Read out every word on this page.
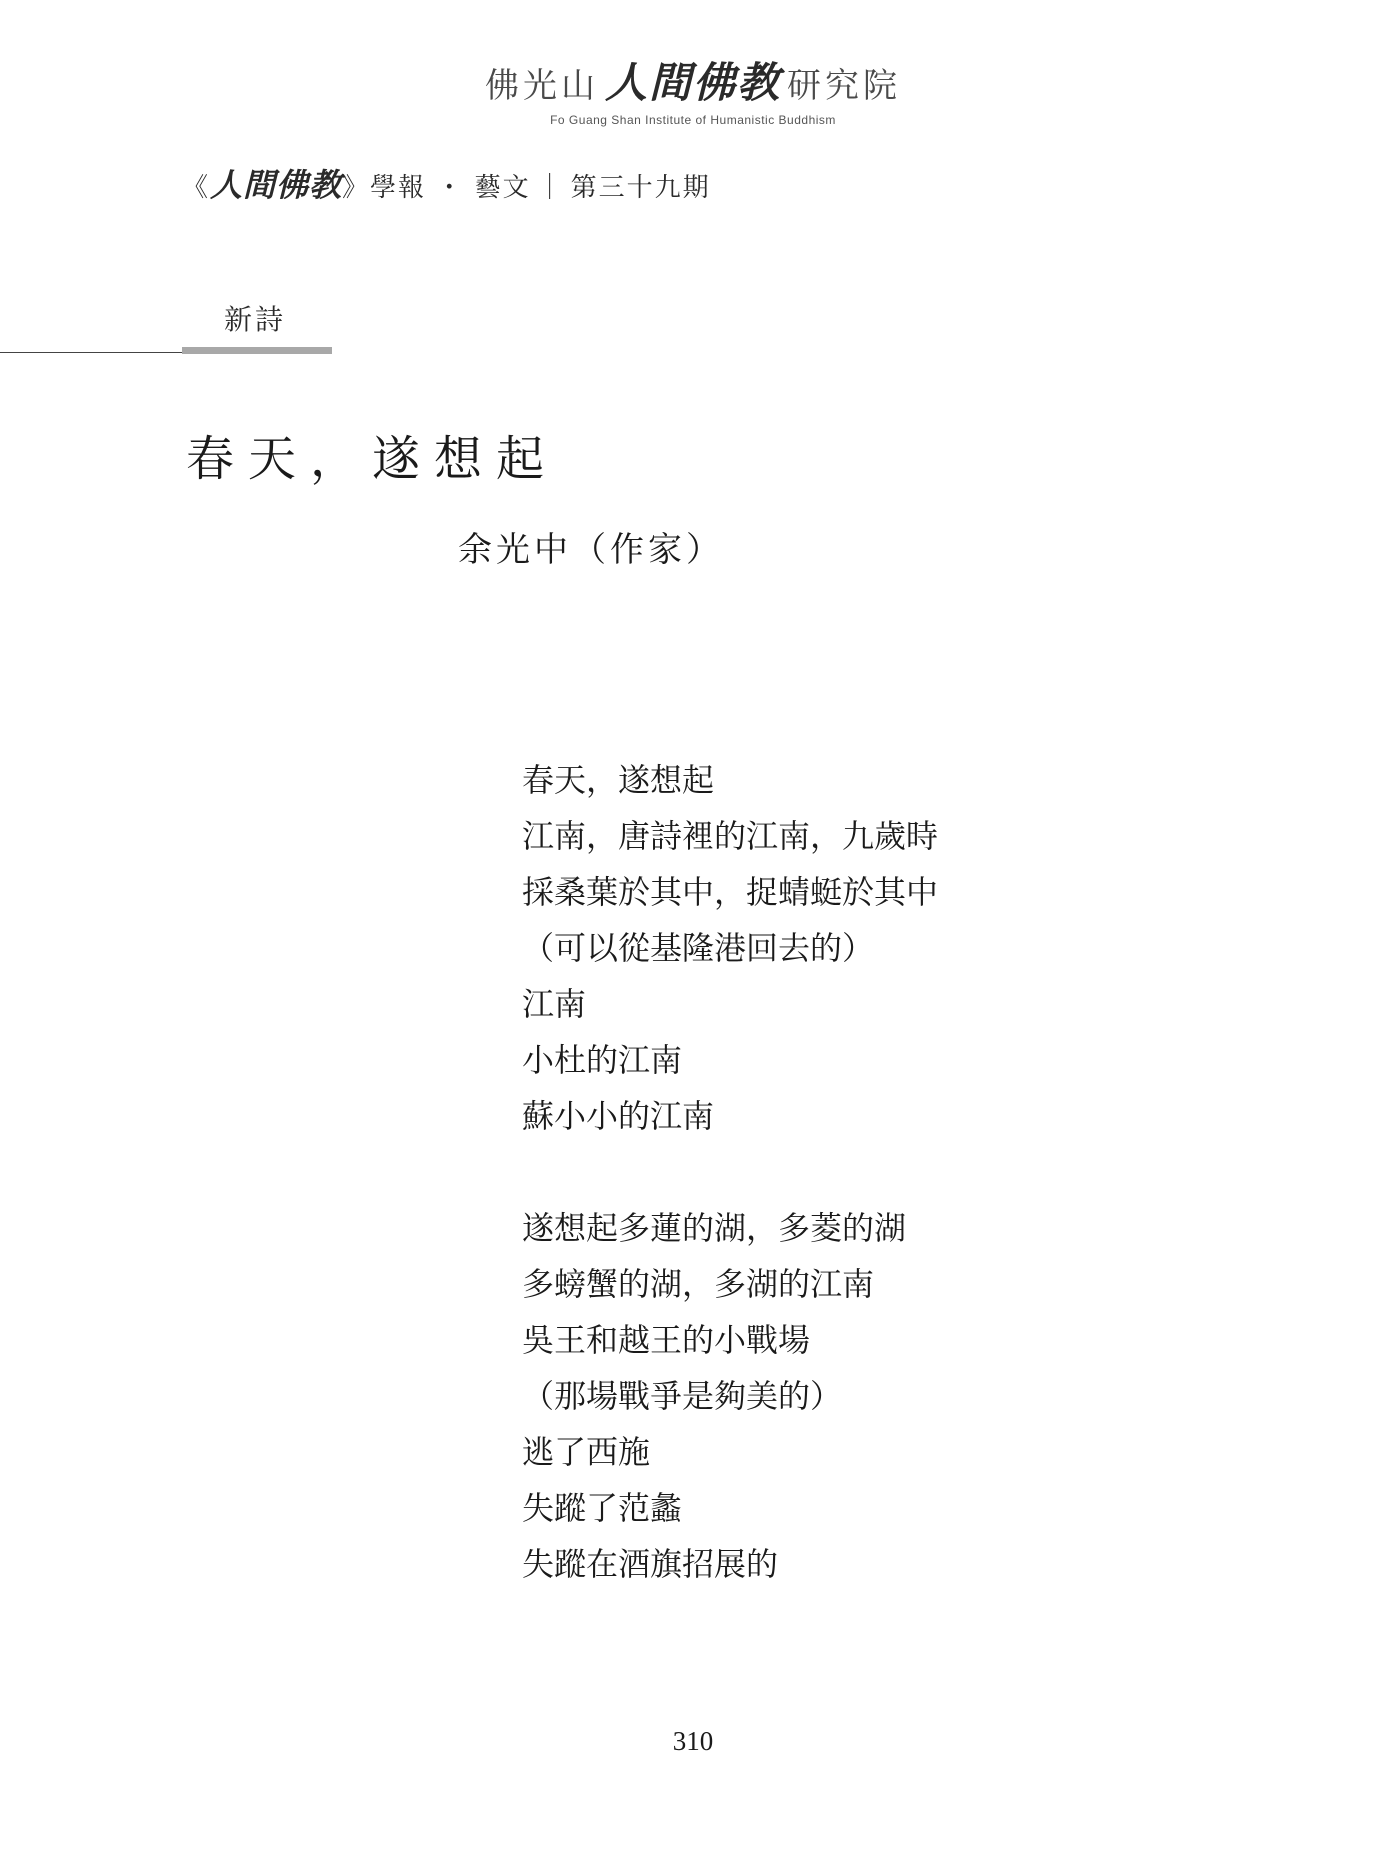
佛光山 人間佛教 研究院
Fo Guang Shan Institute of Humanistic Buddhism
《人間佛教》學報 ・ 藝文 ｜ 第三十九期
新詩
春天，遂想起
余光中（作家）
春天，遂想起
江南，唐詩裡的江南，九歲時
採桑葉於其中，捉蜻蜓於其中
（可以從基隆港回去的）
江南
小杜的江南
蘇小小的江南
遂想起多蓮的湖，多菱的湖
多螃蟹的湖，多湖的江南
吳王和越王的小戰場
（那場戰爭是夠美的）
逃了西施
失蹤了范蠡
失蹤在酒旗招展的
310
